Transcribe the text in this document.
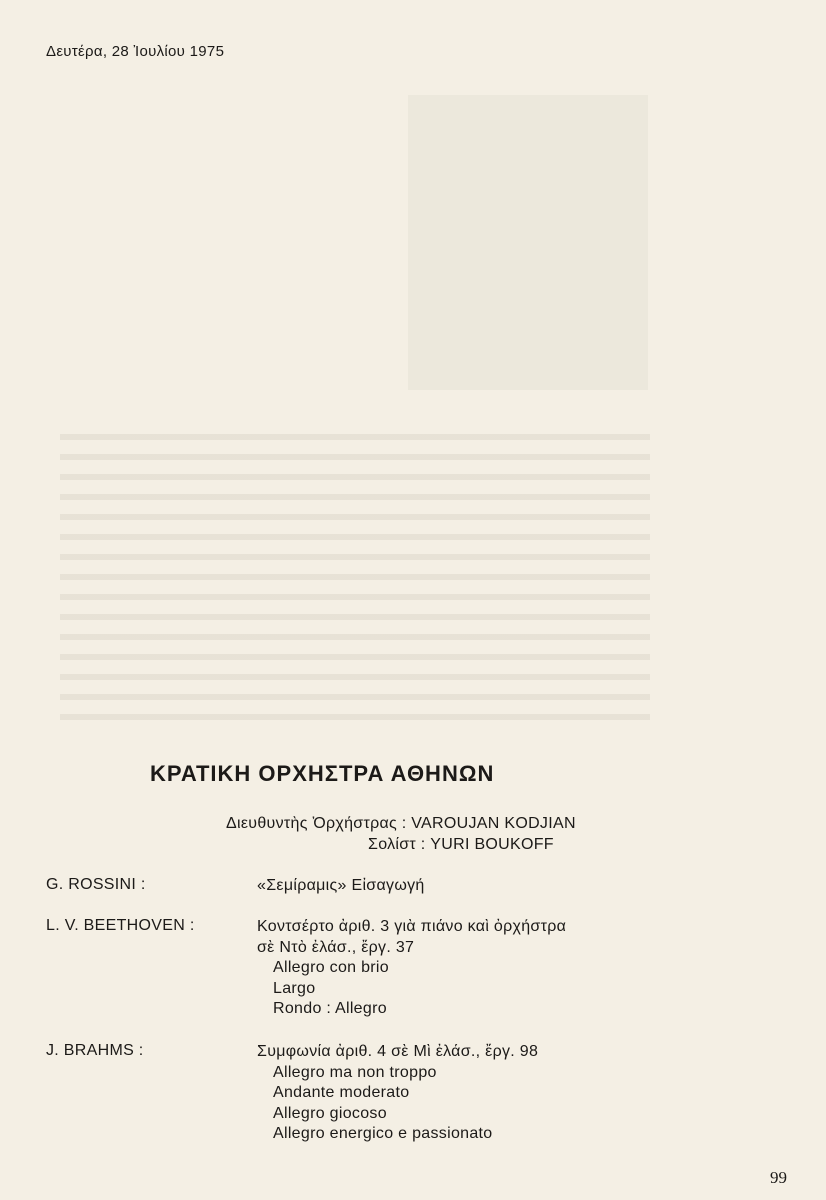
Δευτέρα, 28 Ἰουλίου 1975
ΚΡΑΤΙΚΗ ΟΡΧΗΣΤΡΑ ΑΘΗΝΩΝ
Διευθυντὴς Ὀρχήστρας : VAROUJAN KODJIAN
Σολίστ : YURI BOUKOFF
G. ROSSINI :	«Σεμίραμις» Εἰσαγωγή
L. V. BEETHOVEN :	Κοντσέρτο ἀριθ. 3 γιὰ πιάνο καὶ ὀρχήστρα
σὲ Ντὸ ἐλάσ., ἔργ. 37
Allegro con brio
Largo
Rondo : Allegro
J. BRAHMS :	Συμφωνία ἀριθ. 4 σὲ Μὶ ἐλάσ., ἔργ. 98
Allegro ma non troppo
Andante moderato
Allegro giocoso
Allegro energico e passionato
99
